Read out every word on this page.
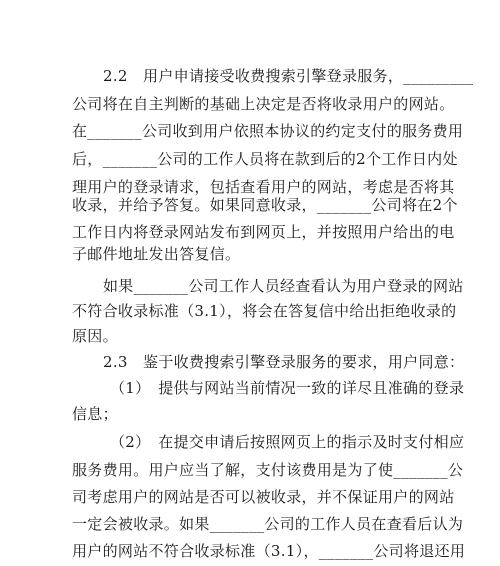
2.2　用户申请接受收费搜索引擎登录服务，_________
公司将在自主判断的基础上决定是否将收录用户的网站。
在_______公司收到用户依照本协议的约定支付的服务费用
后，_______公司的工作人员将在款到后的2个工作日内处
理用户的登录请求，包括查看用户的网站，考虑是否将其
收录，并给予答复。如果同意收录，_______公司将在2个
工作日内将登录网站发布到网页上，并按照用户给出的电
子邮件地址发出答复信。
如果_______公司工作人员经查看认为用户登录的网站
不符合收录标准（3.1），将会在答复信中给出拒绝收录的
原因。
2.3　鉴于收费搜索引擎登录服务的要求，用户同意：
（1）　提供与网站当前情况一致的详尽且准确的登录
信息；
（2）　在提交申请后按照网页上的指示及时支付相应
服务费用。用户应当了解，支付该费用是为了使_______公
司考虑用户的网站是否可以被收录，并不保证用户的网站
一定会被收录。如果_______公司的工作人员在查看后认为
用户的网站不符合收录标准（3.1），_______公司将退还用
